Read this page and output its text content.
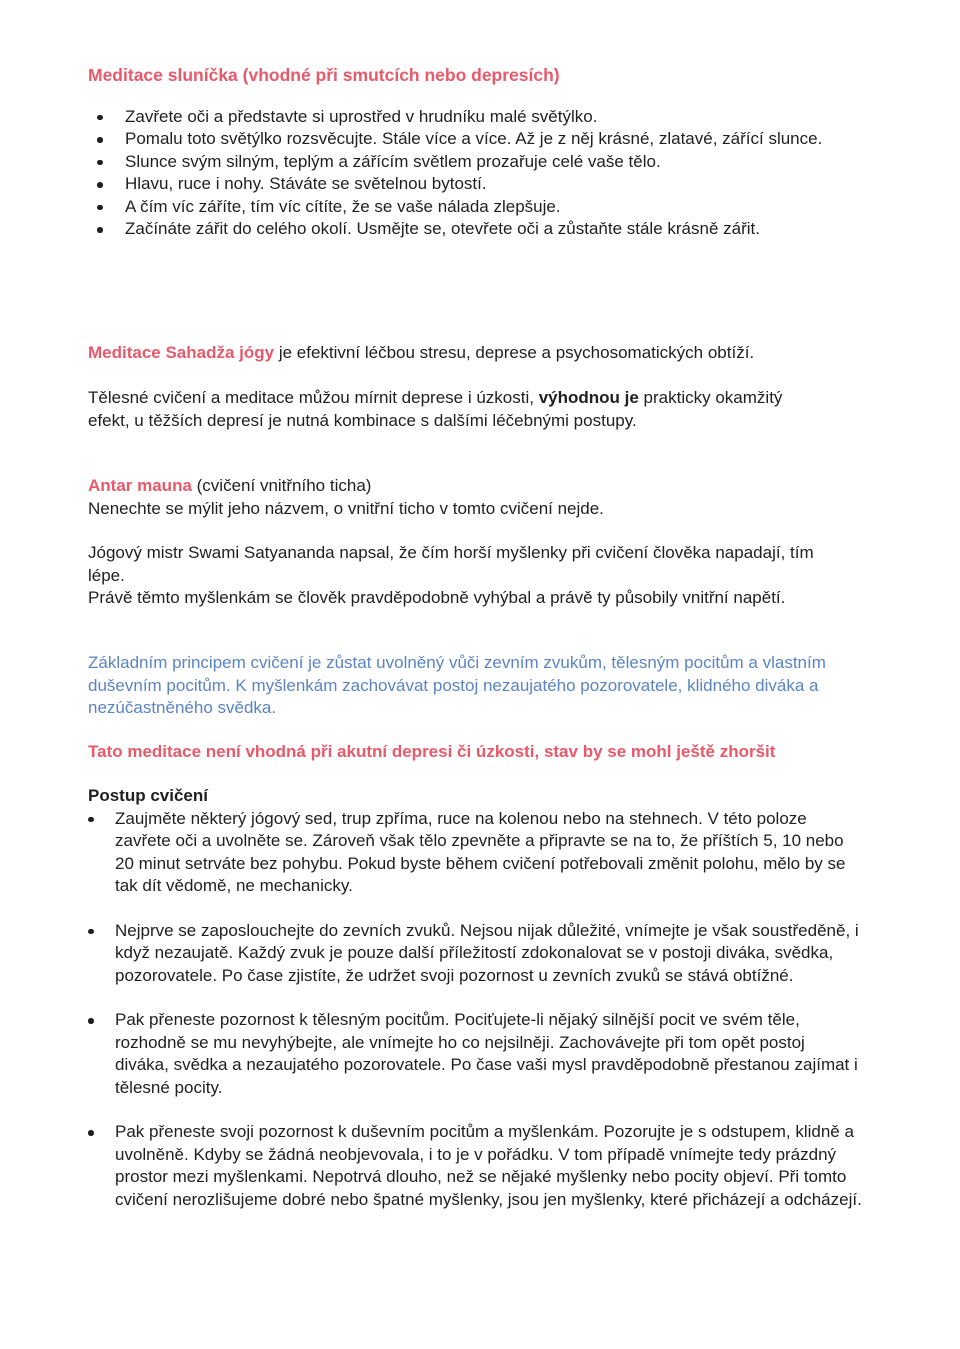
Meditace sluníčka (vhodné při smutcích nebo depresích)

Zavřete oči a představte si uprostřed v hrudníku malé světýlko.
Pomalu toto světýlko rozsvěcujte. Stále více a více. Až je z něj krásné, zlatavé, zářící slunce.
Slunce svým silným, teplým a zářícím světlem prozařuje celé vaše tělo.
Hlavu, ruce i nohy. Stáváte se světelnou bytostí.
A čím víc záříte, tím víc cítíte, že se vaše nálada zlepšuje.
Začínáte zářit do celého okolí. Usmějte se, otevřete oči a zůstaňte stále krásně zářit.

Meditace Sahadža jógy je efektivní léčbou stresu, deprese a psychosomatických obtíží.

Tělesné cvičení a meditace můžou mírnit deprese i úzkosti, výhodnou je prakticky okamžitý efekt, u těžších depresí je nutná kombinace s dalšími léčebnými postupy.

Antar mauna (cvičení vnitřního ticha)

Nenechte se mýlit jeho názvem, o vnitřní ticho v tomto cvičení nejde.

Jógový mistr Swami Satyananda napsal, že čím horší myšlenky při cvičení člověka napadají, tím lépe.

Právě těmto myšlenkám se člověk pravděpodobně vyhýbal a právě ty působily vnitřní napětí.

Základním principem cvičení je zůstat uvolněný vůči zevním zvukům, tělesným pocitům a vlastním duševním pocitům. K myšlenkám zachovávat postoj nezaujatého pozorovatele, klidného diváka a nezúčastněného svědka.

Tato meditace není vhodná při akutní depresi či úzkosti, stav by se mohl ještě zhoršit

Postup cvičení

Zaujměte některý jógový sed, trup zpříma, ruce na kolenou nebo na stehnech. V této poloze zavřete oči a uvolněte se. Zároveň však tělo zpevněte a připravte se na to, že příštích 5, 10 nebo 20 minut setrváte bez pohybu. Pokud byste během cvičení potřebovali změnit polohu, mělo by se tak dít vědomě, ne mechanicky.
Nejprve se zaposlouchejte do zevních zvuků. Nejsou nijak důležité, vnímejte je však soustředěně, i když nezaujatě. Každý zvuk je pouze další příležitostí zdokonalovat se v postoji diváka, svědka, pozorovatele. Po čase zjistíte, že udržet svoji pozornost u zevních zvuků se stává obtížné.
Pak přeneste pozornost k tělesným pocitům. Pociťujete-li nějaký silnější pocit ve svém těle, rozhodně se mu nevyhýbejte, ale vnímejte ho co nejsilněji. Zachovávejte při tom opět postoj diváka, svědka a nezaujatého pozorovatele. Po čase vaši mysl pravděpodobně přestanou zajímat i tělesné pocity.
Pak přeneste svoji pozornost k duševním pocitům a myšlenkám. Pozorujte je s odstupem, klidně a uvolněně. Kdyby se žádná neobjevovala, i to je v pořádku. V tom případě vnímejte tedy prázdný prostor mezi myšlenkami. Nepotrvá dlouho, než se nějaké myšlenky nebo pocity objeví. Při tomto cvičení nerozlišujeme dobré nebo špatné myšlenky, jsou jen myšlenky, které přicházejí a odcházejí.
